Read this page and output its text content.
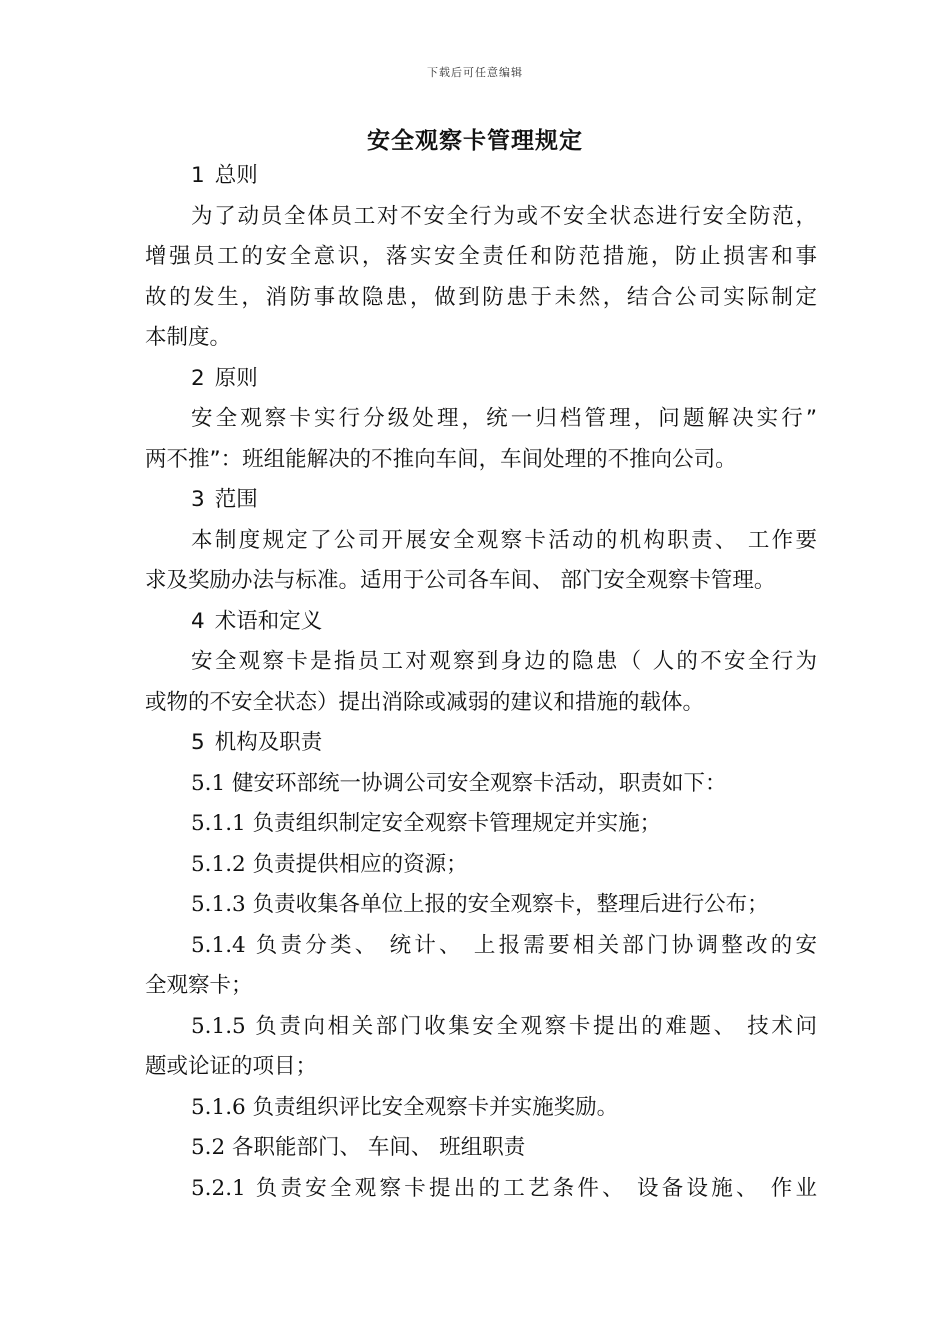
下载后可任意编辑
安全观察卡管理规定
1 总则
为了动员全体员工对不安全行为或不安全状态进行安全防范，
增强员工的安全意识，落实安全责任和防范措施，防止损害和事
故的发生，消防事故隐患，做到防患于未然，结合公司实际制定
本制度。
2 原则
安全观察卡实行分级处理，统一归档管理，问题解决实行”
两不推”：班组能解决的不推向车间，车间处理的不推向公司。
3 范围
本制度规定了公司开展安全观察卡活动的机构职责、 工作要
求及奖励办法与标准。适用于公司各车间、 部门安全观察卡管理。
4 术语和定义
安全观察卡是指员工对观察到身边的隐患（ 人的不安全行为
或物的不安全状态）提出消除或减弱的建议和措施的载体。
5 机构及职责
5.1 健安环部统一协调公司安全观察卡活动，职责如下：
5.1.1 负责组织制定安全观察卡管理规定并实施；
5.1.2 负责提供相应的资源；
5.1.3 负责收集各单位上报的安全观察卡，整理后进行公布；
5.1.4 负责分类、 统计、 上报需要相关部门协调整改的安
全观察卡；
5.1.5 负责向相关部门收集安全观察卡提出的难题、 技术问
题或论证的项目；
5.1.6 负责组织评比安全观察卡并实施奖励。
5.2 各职能部门、 车间、 班组职责
5.2.1 负责安全观察卡提出的工艺条件、 设备设施、 作业
